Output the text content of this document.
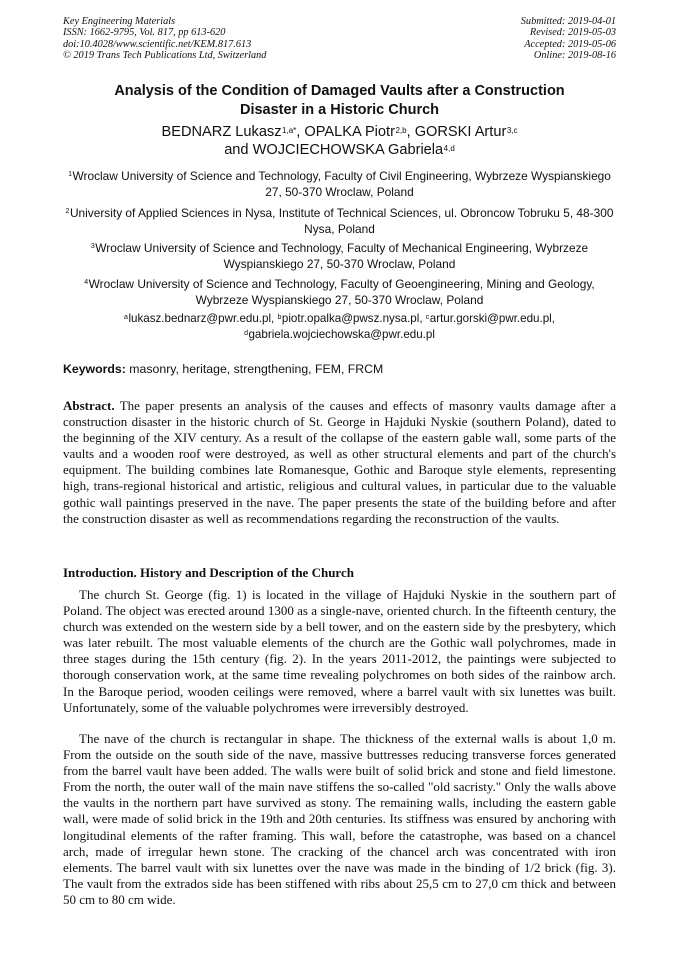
Key Engineering Materials
ISSN: 1662-9795, Vol. 817, pp 613-620
doi:10.4028/www.scientific.net/KEM.817.613
© 2019 Trans Tech Publications Ltd, Switzerland
Submitted: 2019-04-01
Revised: 2019-05-03
Accepted: 2019-05-06
Online: 2019-08-16
Analysis of the Condition of Damaged Vaults after a Construction
Disaster in a Historic Church
BEDNARZ Lukasz$^{1,a*}$, OPALKA Piotr$^{2,b}$, GORSKI Artur$^{3,c}$
and WOJCIECHOWSKA Gabriela$^{4,d}$
$^1$Wroclaw University of Science and Technology, Faculty of Civil Engineering, Wybrzeze Wyspianskiego 27, 50-370 Wroclaw, Poland
$^2$University of Applied Sciences in Nysa, Institute of Technical Sciences, ul. Obroncow Tobruku 5, 48-300 Nysa, Poland
$^3$Wroclaw University of Science and Technology, Faculty of Mechanical Engineering, Wybrzeze Wyspianskiego 27, 50-370 Wroclaw, Poland
$^4$Wroclaw University of Science and Technology, Faculty of Geoengineering, Mining and Geology, Wybrzeze Wyspianskiego 27, 50-370 Wroclaw, Poland
$^a$lukasz.bednarz@pwr.edu.pl, $^b$piotr.opalka@pwsz.nysa.pl, $^c$artur.gorski@pwr.edu.pl,
$^d$gabriela.wojciechowska@pwr.edu.pl
Keywords: masonry, heritage, strengthening, FEM, FRCM
Abstract. The paper presents an analysis of the causes and effects of masonry vaults damage after a construction disaster in the historic church of St. George in Hajduki Nyskie (southern Poland), dated to the beginning of the XIV century. As a result of the collapse of the eastern gable wall, some parts of the vaults and a wooden roof were destroyed, as well as other structural elements and part of the church's equipment. The building combines late Romanesque, Gothic and Baroque style elements, representing high, trans-regional historical and artistic, religious and cultural values, in particular due to the valuable gothic wall paintings preserved in the nave. The paper presents the state of the building before and after the construction disaster as well as recommendations regarding the reconstruction of the vaults.
Introduction. History and Description of the Church
The church St. George (fig. 1) is located in the village of Hajduki Nyskie in the southern part of Poland. The object was erected around 1300 as a single-nave, oriented church. In the fifteenth century, the church was extended on the western side by a bell tower, and on the eastern side by the presbytery, which was later rebuilt. The most valuable elements of the church are the Gothic wall polychromes, made in three stages during the 15th century (fig. 2). In the years 2011-2012, the paintings were subjected to thorough conservation work, at the same time revealing polychromes on both sides of the rainbow arch. In the Baroque period, wooden ceilings were removed, where a barrel vault with six lunettes was built. Unfortunately, some of the valuable polychromes were irreversibly destroyed.
The nave of the church is rectangular in shape. The thickness of the external walls is about 1,0 m. From the outside on the south side of the nave, massive buttresses reducing transverse forces generated from the barrel vault have been added. The walls were built of solid brick and stone and field limestone. From the north, the outer wall of the main nave stiffens the so-called "old sacristy." Only the walls above the vaults in the northern part have survived as stony. The remaining walls, including the eastern gable wall, were made of solid brick in the 19th and 20th centuries. Its stiffness was ensured by anchoring with longitudinal elements of the rafter framing. This wall, before the catastrophe, was based on a chancel arch, made of irregular hewn stone. The cracking of the chancel arch was concentrated with iron elements. The barrel vault with six lunettes over the nave was made in the binding of 1/2 brick (fig. 3). The vault from the extrados side has been stiffened with ribs about 25,5 cm to 27,0 cm thick and between 50 cm to 80 cm wide.
